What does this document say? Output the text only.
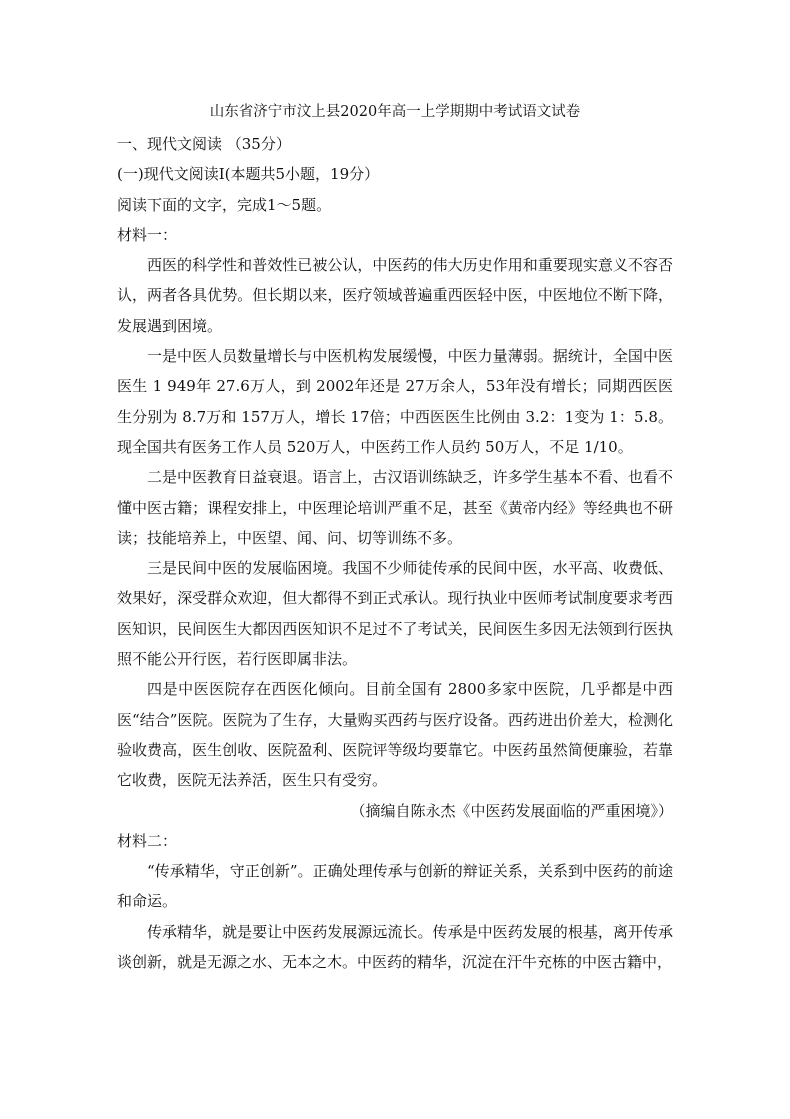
山东省济宁市汶上县2020年高一上学期期中考试语文试卷

一、现代文阅读 （35分）

(一)现代文阅读Ⅰ(本题共5小题，19分）

阅读下面的文字，完成1～5题。

材料一：

西医的科学性和普效性已被公认，中医药的伟大历史作用和重要现实意义不容否认，两者各具优势。但长期以来，医疗领域普遍重西医轻中医，中医地位不断下降，发展遇到困境。

一是中医人员数量增长与中医机构发展缓慢，中医力量薄弱。据统计，全国中医医生 1 949年 27.6万人，到 2002年还是 27万余人，53年没有增长；同期西医医生分别为 8.7万和 157万人，增长 17倍；中西医医生比例由 3.2：1变为 1：5.8。现全国共有医务工作人员 520万人，中医药工作人员约 50万人，不足 1/10。

二是中医教育日益衰退。语言上，古汉语训练缺乏，许多学生基本不看、也看不懂中医古籍；课程安排上，中医理论培训严重不足，甚至《黄帝内经》等经典也不研读；技能培养上，中医望、闻、问、切等训练不多。

三是民间中医的发展临困境。我国不少师徒传承的民间中医，水平高、收费低、效果好，深受群众欢迎，但大都得不到正式承认。现行执业中医师考试制度要求考西医知识，民间医生大都因西医知识不足过不了考试关，民间医生多因无法领到行医执照不能公开行医，若行医即属非法。

四是中医医院存在西医化倾向。目前全国有 2800多家中医院，几乎都是中西医“结合”医院。医院为了生存，大量购买西药与医疗设备。西药进出价差大，检测化验收费高，医生创收、医院盈利、医院评等级均要靠它。中医药虽然简便廉验，若靠它收费，医院无法养活，医生只有受穷。

（摘编自陈永杰《中医药发展面临的严重困境》）

材料二：

“传承精华，守正创新”。正确处理传承与创新的辩证关系，关系到中医药的前途和命运。

传承精华，就是要让中医药发展源远流长。传承是中医药发展的根基，离开传承谈创新，就是无源之水、无本之木。中医药的精华，沉淀在汗牛充栋的中医古籍中，
